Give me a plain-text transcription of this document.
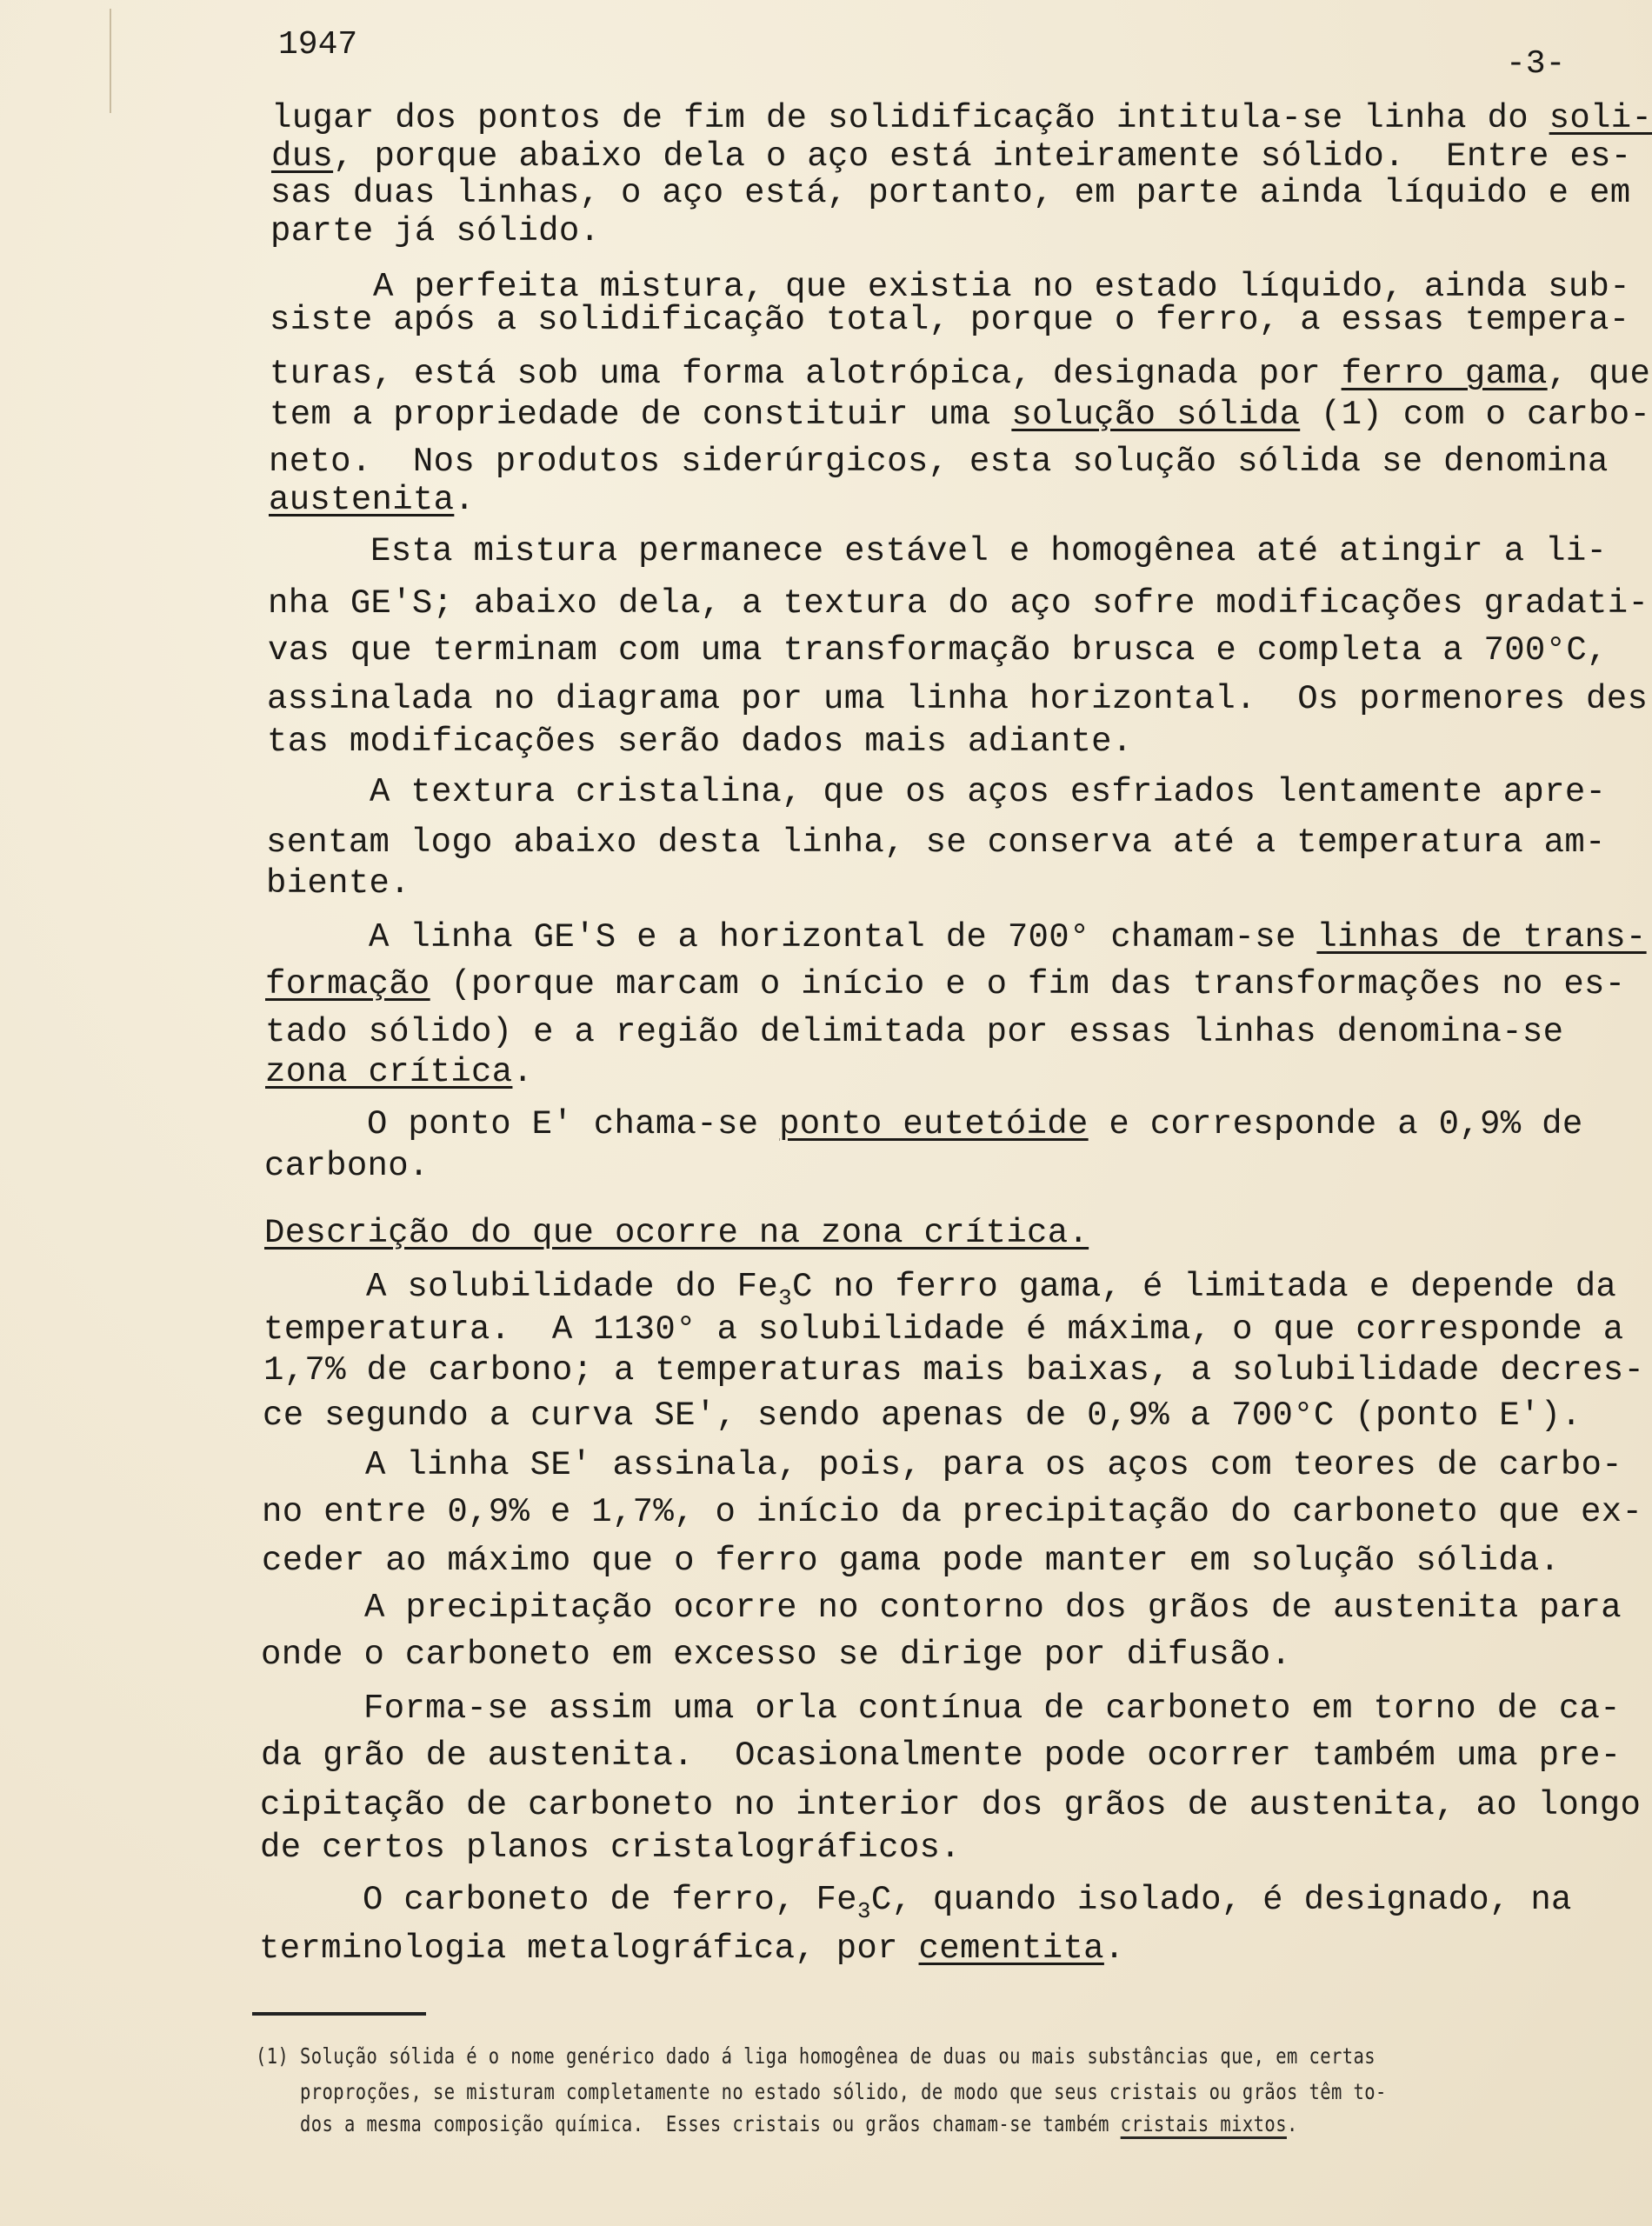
1947
-3-
lugar dos pontos de fim de solidificação intitula-se linha do soli-
dus, porque abaixo dela o aço está inteiramente sólido.  Entre es-
sas duas linhas, o aço está, portanto, em parte ainda líquido e em
parte já sólido.
A perfeita mistura, que existia no estado líquido, ainda sub-
siste após a solidificação total, porque o ferro, a essas tempera-
turas, está sob uma forma alotrópica, designada por ferro gama, que
tem a propriedade de constituir uma solução sólida (1) com o carbo-
neto.  Nos produtos siderúrgicos, esta solução sólida se denomina
austenita.
Esta mistura permanece estável e homogênea até atingir a li-
nha GE'S; abaixo dela, a textura do aço sofre modificações gradati-
vas que terminam com uma transformação brusca e completa a 700°C,
assinalada no diagrama por uma linha horizontal.  Os pormenores des
tas modificações serão dados mais adiante.
A textura cristalina, que os aços esfriados lentamente apre-
sentam logo abaixo desta linha, se conserva até a temperatura am-
biente.
A linha GE'S e a horizontal de 700° chamam-se linhas de trans-
formação (porque marcam o início e o fim das transformações no es-
tado sólido) e a região delimitada por essas linhas denomina-se
zona crítica.
O ponto E' chama-se ponto eutetóide e corresponde a 0,9% de
carbono.
Descrição do que ocorre na zona crítica.
A solubilidade do $Fe_3C$ no ferro gama, é limitada e depende da
temperatura.  A 1130° a solubilidade é máxima, o que corresponde a
1,7% de carbono; a temperaturas mais baixas, a solubilidade decres-
ce segundo a curva SE', sendo apenas de 0,9% a 700°C (ponto E').
A linha SE' assinala, pois, para os aços com teores de carbo-
no entre 0,9% e 1,7%, o início da precipitação do carboneto que ex-
ceder ao máximo que o ferro gama pode manter em solução sólida.
A precipitação ocorre no contorno dos grãos de austenita para
onde o carboneto em excesso se dirige por difusão.
Forma-se assim uma orla contínua de carboneto em torno de ca-
da grão de austenita.  Ocasionalmente pode ocorrer também uma pre-
cipitação de carboneto no interior dos grãos de austenita, ao longo
de certos planos cristalográficos.
O carboneto de ferro, $Fe_3C$, quando isolado, é designado, na
terminologia metalográfica, por cementita.
(1) Solução sólida é o nome genérico dado á liga homogênea de duas ou mais substâncias que, em certas
proproções, se misturam completamente no estado sólido, de modo que seus cristais ou grãos têm to-
dos a mesma composição química.  Esses cristais ou grãos chamam-se também cristais mixtos.
